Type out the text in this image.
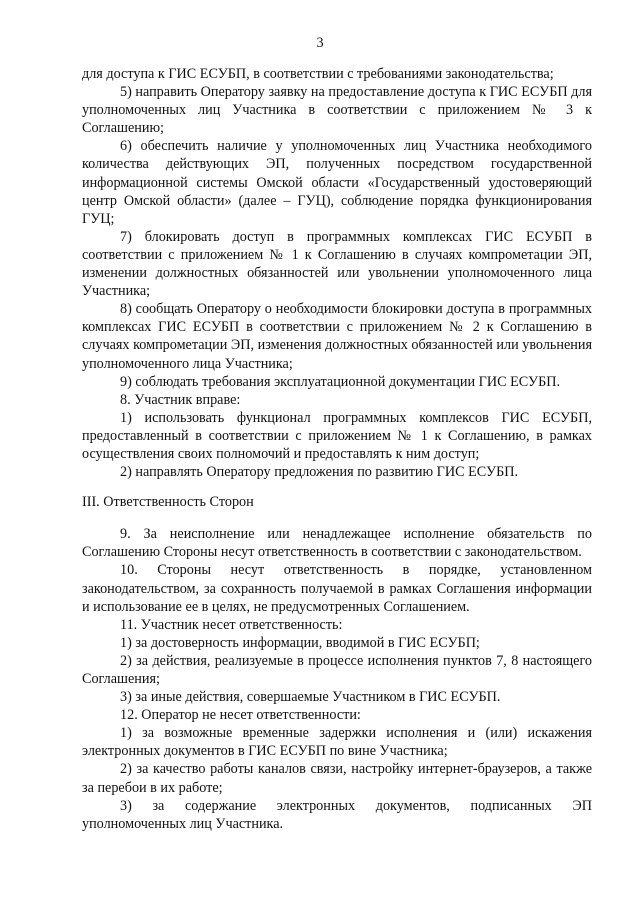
3

для доступа к ГИС ЕСУБП, в соответствии с требованиями законодательства;

5) направить Оператору заявку на предоставление доступа к ГИС ЕСУБП для уполномоченных лиц Участника в соответствии с приложением № 3 к Соглашению;

6) обеспечить наличие у уполномоченных лиц Участника необходимого количества действующих ЭП, полученных посредством государственной информационной системы Омской области «Государственный удостоверяющий центр Омской области» (далее – ГУЦ), соблюдение порядка функционирования ГУЦ;

7) блокировать доступ в программных комплексах ГИС ЕСУБП в соответствии с приложением № 1 к Соглашению в случаях компрометации ЭП, изменении должностных обязанностей или увольнении уполномоченного лица Участника;

8) сообщать Оператору о необходимости блокировки доступа в программных комплексах ГИС ЕСУБП в соответствии с приложением № 2 к Соглашению в случаях компрометации ЭП, изменения должностных обязанностей или увольнения уполномоченного лица Участника;

9) соблюдать требования эксплуатационной документации ГИС ЕСУБП.

8. Участник вправе:

1) использовать функционал программных комплексов ГИС ЕСУБП, предоставленный в соответствии с приложением № 1 к Соглашению, в рамках осуществления своих полномочий и предоставлять к ним доступ;

2) направлять Оператору предложения по развитию ГИС ЕСУБП.

III. Ответственность Сторон

9. За неисполнение или ненадлежащее исполнение обязательств по Соглашению Стороны несут ответственность в соответствии с законодательством.

10. Стороны несут ответственность в порядке, установленном законодательством, за сохранность получаемой в рамках Соглашения информации и использование ее в целях, не предусмотренных Соглашением.

11. Участник несет ответственность:

1) за достоверность информации, вводимой в ГИС ЕСУБП;

2) за действия, реализуемые в процессе исполнения пунктов 7, 8 настоящего Соглашения;

3) за иные действия, совершаемые Участником в ГИС ЕСУБП.

12. Оператор не несет ответственности:

1) за возможные временные задержки исполнения и (или) искажения электронных документов в ГИС ЕСУБП по вине Участника;

2) за качество работы каналов связи, настройку интернет-браузеров, а также за перебои в их работе;

3) за содержание электронных документов, подписанных ЭП уполномоченных лиц Участника.
